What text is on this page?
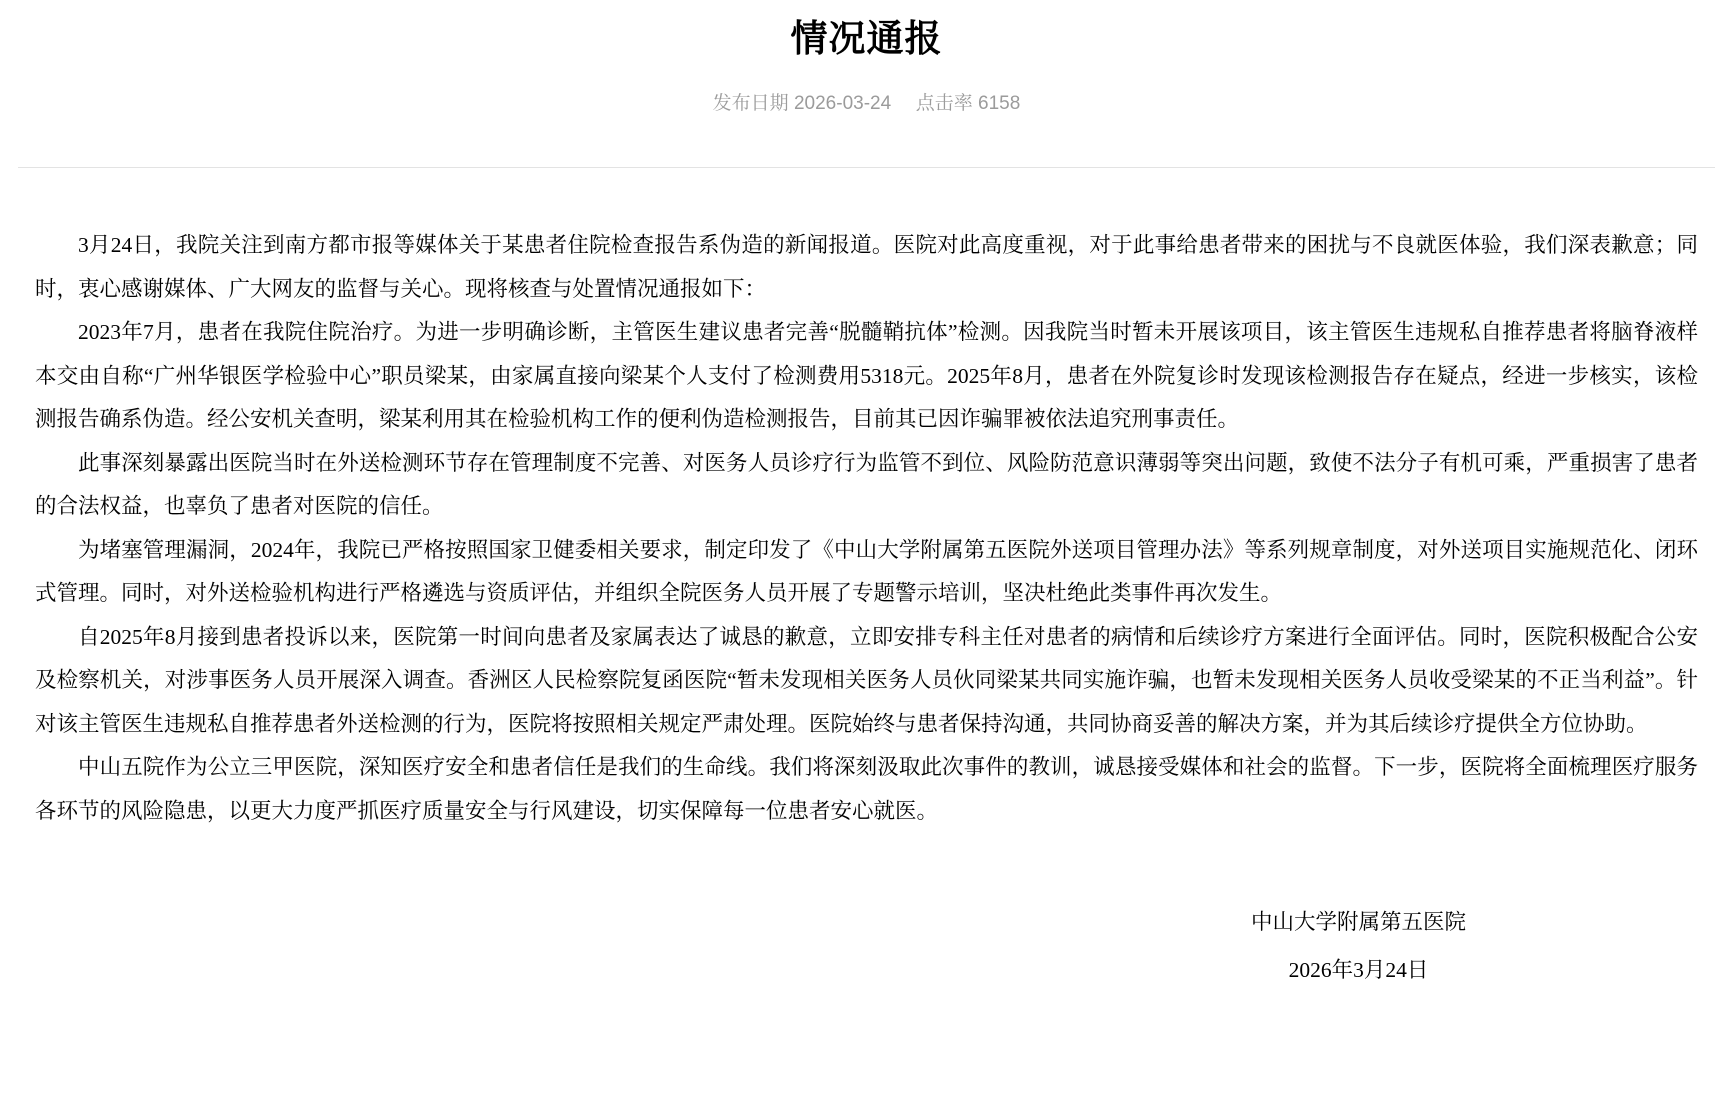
情况通报
发布日期 2026-03-24 点击率 6158

3月24日，我院关注到南方都市报等媒体关于某患者住院检查报告系伪造的新闻报道。医院对此高度重视，对于此事给患者带来的困扰与不良就医体验，我们深表歉意；同时，衷心感谢媒体、广大网友的监督与关心。现将核查与处置情况通报如下：

2023年7月，患者在我院住院治疗。为进一步明确诊断，主管医生建议患者完善“脱髓鞘抗体”检测。因我院当时暂未开展该项目，该主管医生违规私自推荐患者将脑脊液样本交由自称“广州华银医学检验中心”职员梁某，由家属直接向梁某个人支付了检测费用5318元。2025年8月，患者在外院复诊时发现该检测报告存在疑点，经进一步核实，该检测报告确系伪造。经公安机关查明，梁某利用其在检验机构工作的便利伪造检测报告，目前其已因诈骗罪被依法追究刑事责任。

此事深刻暴露出医院当时在外送检测环节存在管理制度不完善、对医务人员诊疗行为监管不到位、风险防范意识薄弱等突出问题，致使不法分子有机可乘，严重损害了患者的合法权益，也辜负了患者对医院的信任。

为堵塞管理漏洞，2024年，我院已严格按照国家卫健委相关要求，制定印发了《中山大学附属第五医院外送项目管理办法》等系列规章制度，对外送项目实施规范化、闭环式管理。同时，对外送检验机构进行严格遴选与资质评估，并组织全院医务人员开展了专题警示培训，坚决杜绝此类事件再次发生。

自2025年8月接到患者投诉以来，医院第一时间向患者及家属表达了诚恳的歉意，立即安排专科主任对患者的病情和后续诊疗方案进行全面评估。同时，医院积极配合公安及检察机关，对涉事医务人员开展深入调查。香洲区人民检察院复函医院“暂未发现相关医务人员伙同梁某共同实施诈骗，也暂未发现相关医务人员收受梁某的不正当利益”。针对该主管医生违规私自推荐患者外送检测的行为，医院将按照相关规定严肃处理。医院始终与患者保持沟通，共同协商妥善的解决方案，并为其后续诊疗提供全方位协助。

中山五院作为公立三甲医院，深知医疗安全和患者信任是我们的生命线。我们将深刻汲取此次事件的教训，诚恳接受媒体和社会的监督。下一步，医院将全面梳理医疗服务各环节的风险隐患，以更大力度严抓医疗质量安全与行风建设，切实保障每一位患者安心就医。

中山大学附属第五医院
2026年3月24日
